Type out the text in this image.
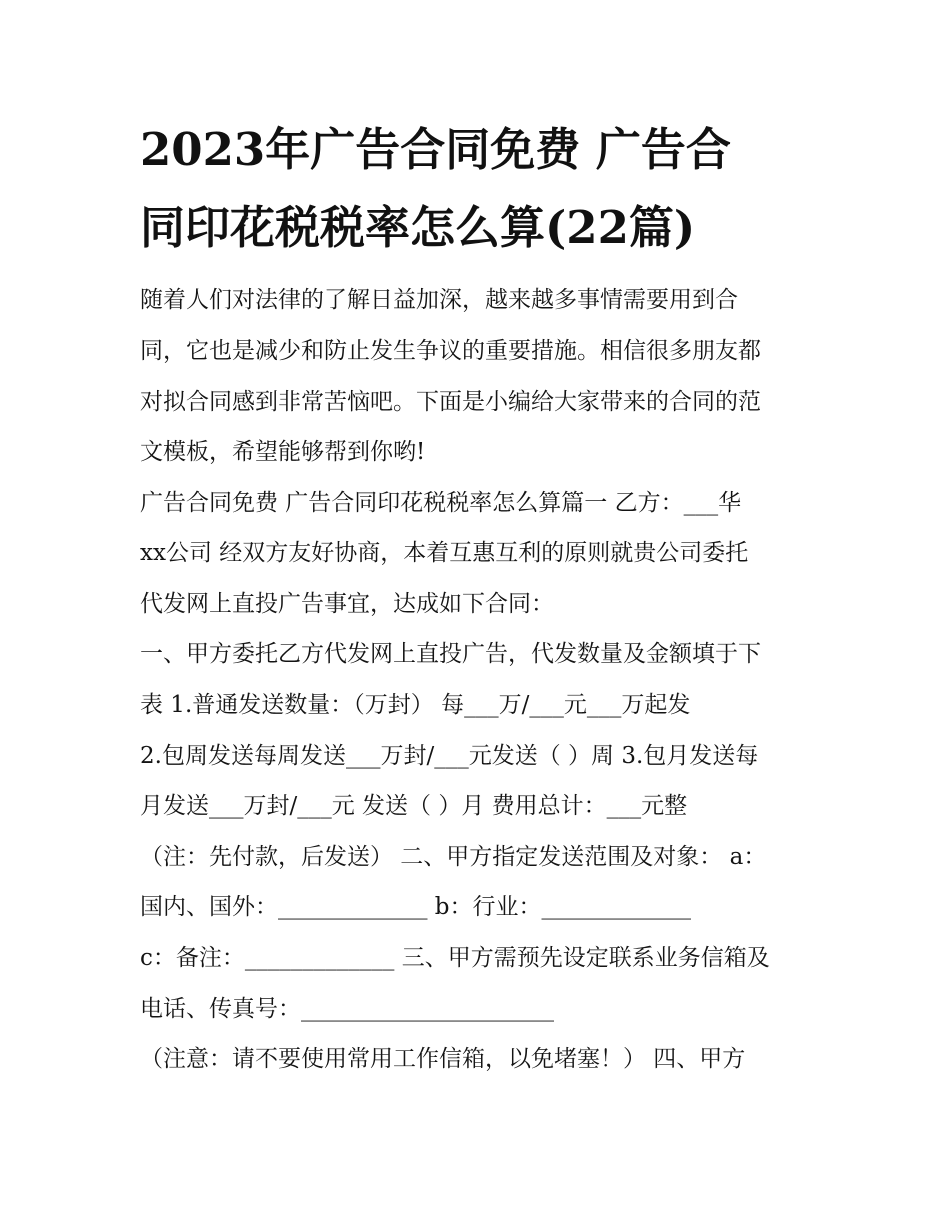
2023年广告合同免费 广告合
同印花税税率怎么算(22篇)
随着人们对法律的了解日益加深，越来越多事情需要用到合
同，它也是减少和防止发生争议的重要措施。相信很多朋友都
对拟合同感到非常苦恼吧。下面是小编给大家带来的合同的范
文模板，希望能够帮到你哟!
广告合同免费 广告合同印花税税率怎么算篇一 乙方：___华
xx公司 经双方友好协商，本着互惠互利的原则就贵公司委托
代发网上直投广告事宜，达成如下合同：
一、甲方委托乙方代发网上直投广告，代发数量及金额填于下
表 1.普通发送数量：（万封） 每___万/___元___万起发
2.包周发送每周发送___万封/___元发送（ ）周 3.包月发送每
月发送___万封/___元 发送（ ）月 费用总计：___元整
（注：先付款，后发送） 二、甲方指定发送范围及对象： a：
国内、国外：_____________ b：行业：_____________
c：备注：_____________ 三、甲方需预先设定联系业务信箱及
电话、传真号：______________________
（注意：请不要使用常用工作信箱，以免堵塞！） 四、甲方
